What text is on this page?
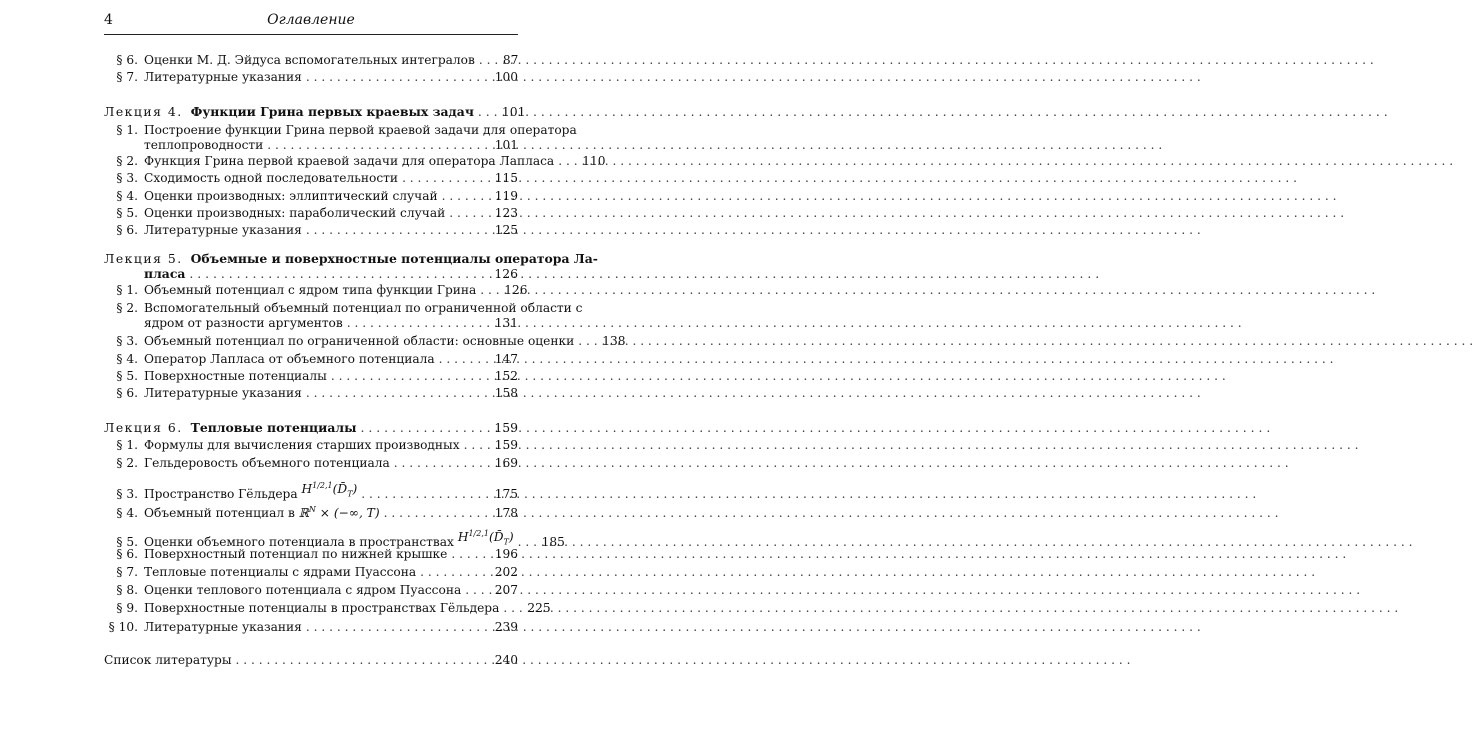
4	Оглавление
§ 6. Оценки М. Д. Эйдуса вспомогательных интегралов . . . 87
§ 7. Литературные указания . . .	100
Лекция 4.
Функции Грина первых краевых задач . . . 101
§ 1. Построение функции Грина первой краевой задачи для оператора
теплопроводности . . .	101
§ 2. Функция Грина первой краевой задачи для оператора Лапласа . . . 110
§ 3. Сходимость одной последовательности . . .	115
§ 4. Оценки производных: эллиптический случай . . .	119
§ 5. Оценки производных: параболический случай . . .	123
§ 6. Литературные указания . . .	125
Лекция 5.
Объемные и поверхностные потенциалы оператора Ла-
пласа . . .	126
§ 1. Объемный потенциал с ядром типа функции Грина . . . 126
§ 2. Вспомогательный объемный потенциал по ограниченной области с
ядром от разности аргументов . . .	131
§ 3. Объемный потенциал по ограниченной области: основные оценки . . . 138
§ 4. Оператор Лапласа от объемного потенциала . . .	147
§ 5. Поверхностные потенциалы . . .	152
§ 6. Литературные указания . . .	158
Лекция 6.
Тепловые потенциалы . . .	159
§ 1. Формулы для вычисления старших производных . . .	159
§ 2. Гельдеровость объемного потенциала . . .	169
§ 3. Пространство Гёльдера
$H^{1/2,1}(D̄_T)$ . . .	175
§ 4. Объемный потенциал в
ℝ$^N$ × (−∞, T) . . .	178
§ 5. Оценки объемного потенциала в пространствах
$H^{1/2,1}(D̄_T)$ . . . 185
§ 6. Поверхностный потенциал по нижней крышке . . .	196
§ 7. Тепловые потенциалы с ядрами Пуассона . . .	202
§ 8. Оценки теплового потенциала с ядром Пуассона . . .	207
§ 9. Поверхностные потенциалы в пространствах Гёльдера . . . 225
§ 10. Литературные указания . . .	239
Список литературы . . .	240
